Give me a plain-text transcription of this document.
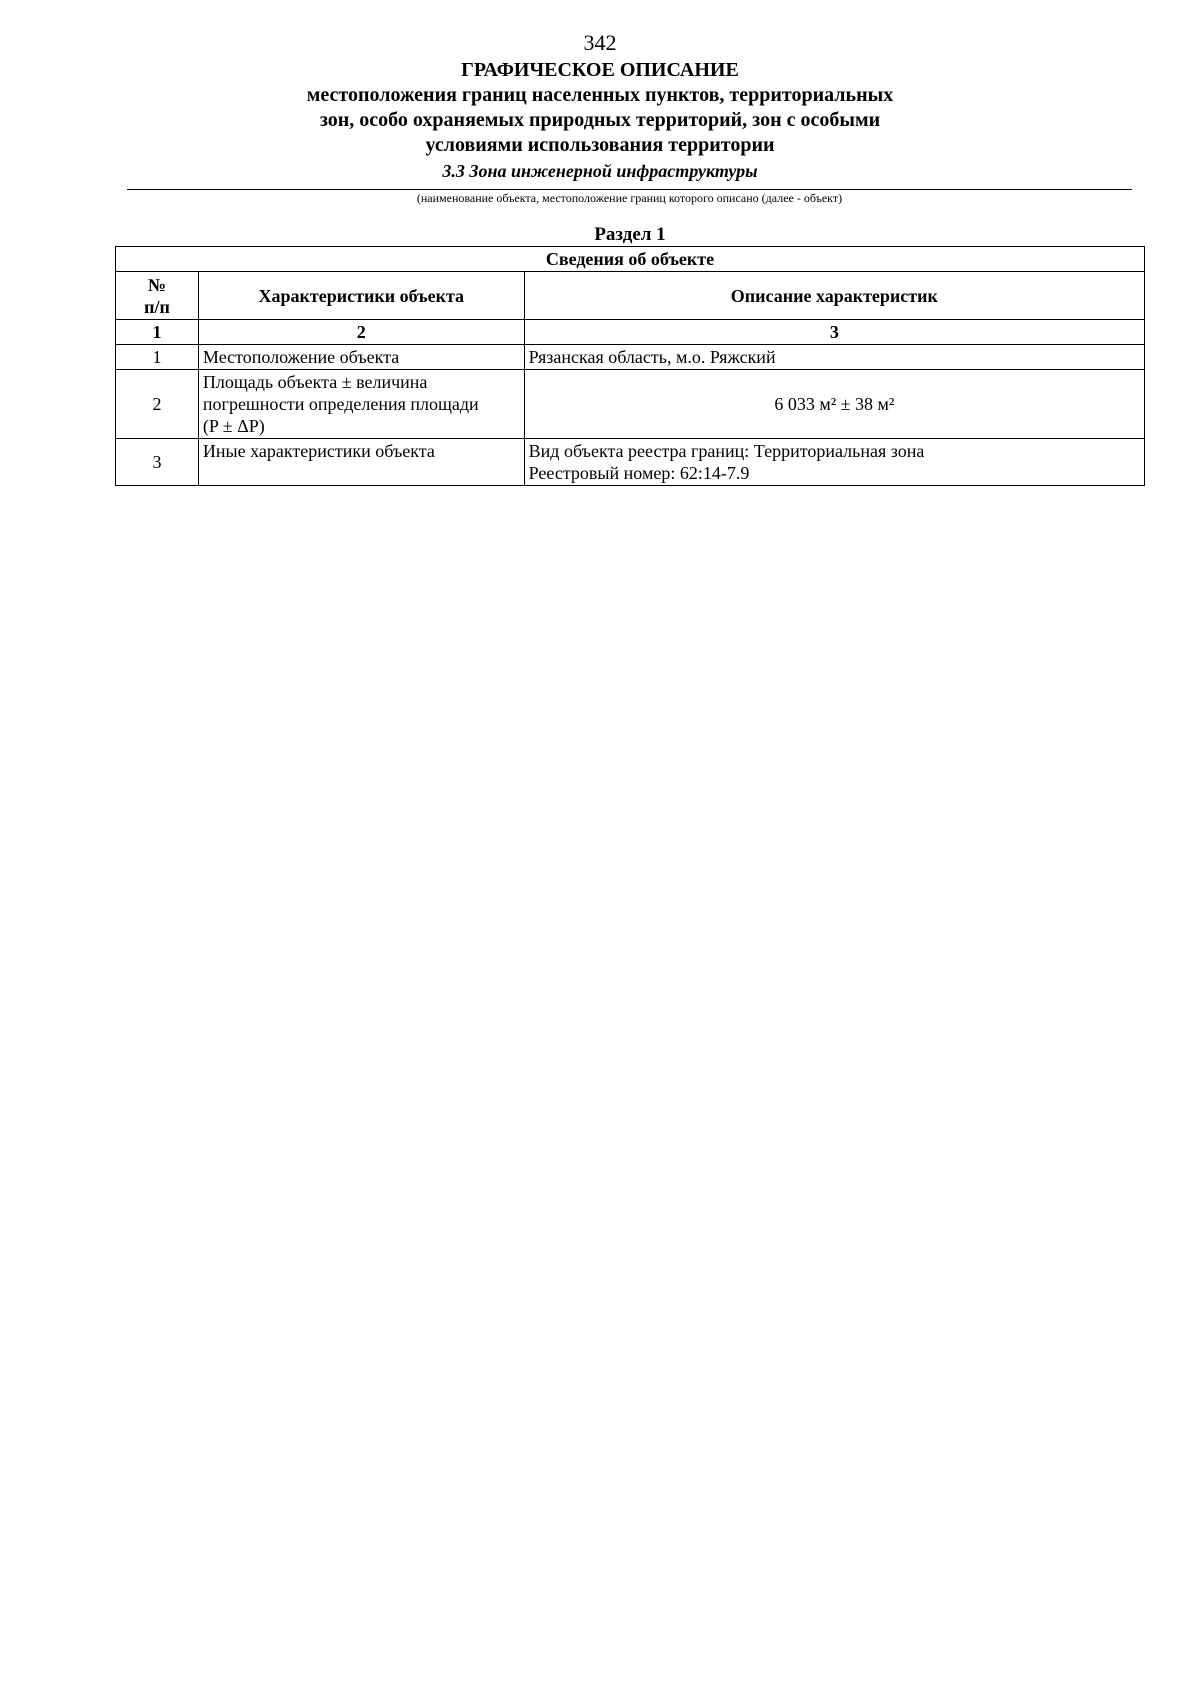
342
ГРАФИЧЕСКОЕ ОПИСАНИЕ
местоположения границ населенных пунктов, территориальных
зон, особо охраняемых природных территорий, зон с особыми
условиями использования территории
3.3 Зона инженерной инфраструктуры
(наименование объекта, местоположение границ которого описано (далее - объект)
Раздел 1
Сведения об объекте		

№
п/п	Характеристики объекта	Описание характеристик
1	2	3
1	Местоположение объекта	Рязанская область, м.о. Ряжский

2	Площадь объекта ± величина
погрешности определения площади
(P ± ΔP)	6 033 м² ± 38 м²

3	Иные характеристики объекта	Вид объекта реестра границ: Территориальная зона
Реестровый номер: 62:14-7.9
